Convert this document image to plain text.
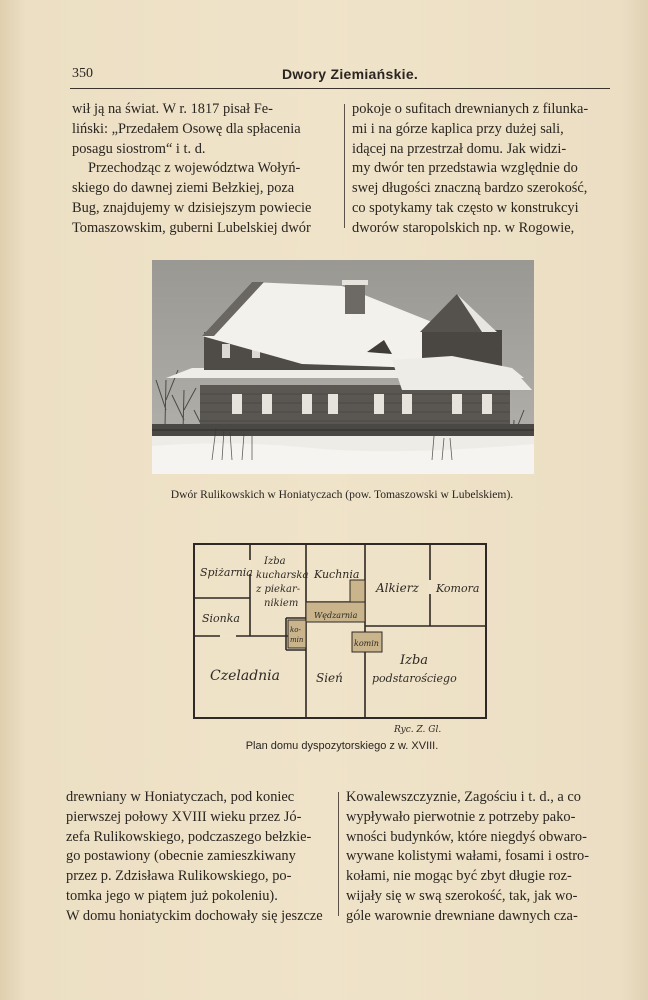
350	Dwory Ziemiańskie.
wił ją na świat. W r. 1817 pisał Fe-
liński: „Przedałem Osowę dla spłacenia
posagu siostrom“ i t. d.
Przechodząc z województwa Wołyń-
skiego do dawnej ziemi Bełzkiej, poza
Bug, znajdujemy w dzisiejszym powiecie
Tomaszowskim, guberni Lubelskiej dwór
pokoje o sufitach drewnianych z filunka-
mi i na górze kaplica przy dużej sali,
idącej na przestrzał domu. Jak widzi-
my dwór ten przedstawia względnie do
swej długości znaczną bardzo szerokość,
co spotykamy tak często w konstrukcyi
dworów staropolskich np. w Rogowie,
Dwór Rulikowskich w Honiatyczach (pow. Tomaszowski w Lubelskiem).
Spiżarnia
Izba
kucharska
z piekar-
nikiem
Kuchnia
Alkierz Komora
Sionka	Wędzarnia
ko-
min	komin
Czeladnia	Sień
Izba
podstarościego
Ryc. Z. Gl.
Plan domu dyspozytorskiego z w. XVIII.
drewniany w Honiatyczach, pod koniec
pierwszej połowy XVIII wieku przez Jó-
zefa Rulikowskiego, podczaszego bełzkie-
go postawiony (obecnie zamieszkiwany
przez p. Zdzisława Rulikowskiego, po-
tomka jego w piątem już pokoleniu).
W domu honiatyckim dochowały się jeszcze
Kowalewszczyznie, Zagościu i t. d., a co
wypływało pierwotnie z potrzeby pako-
wności budynków, które niegdyś obwaro-
wywane kolistymi wałami, fosami i ostro-
kołami, nie mogąc być zbyt długie roz-
wijały się w swą szerokość, tak, jak wo-
góle warownie drewniane dawnych cza-
